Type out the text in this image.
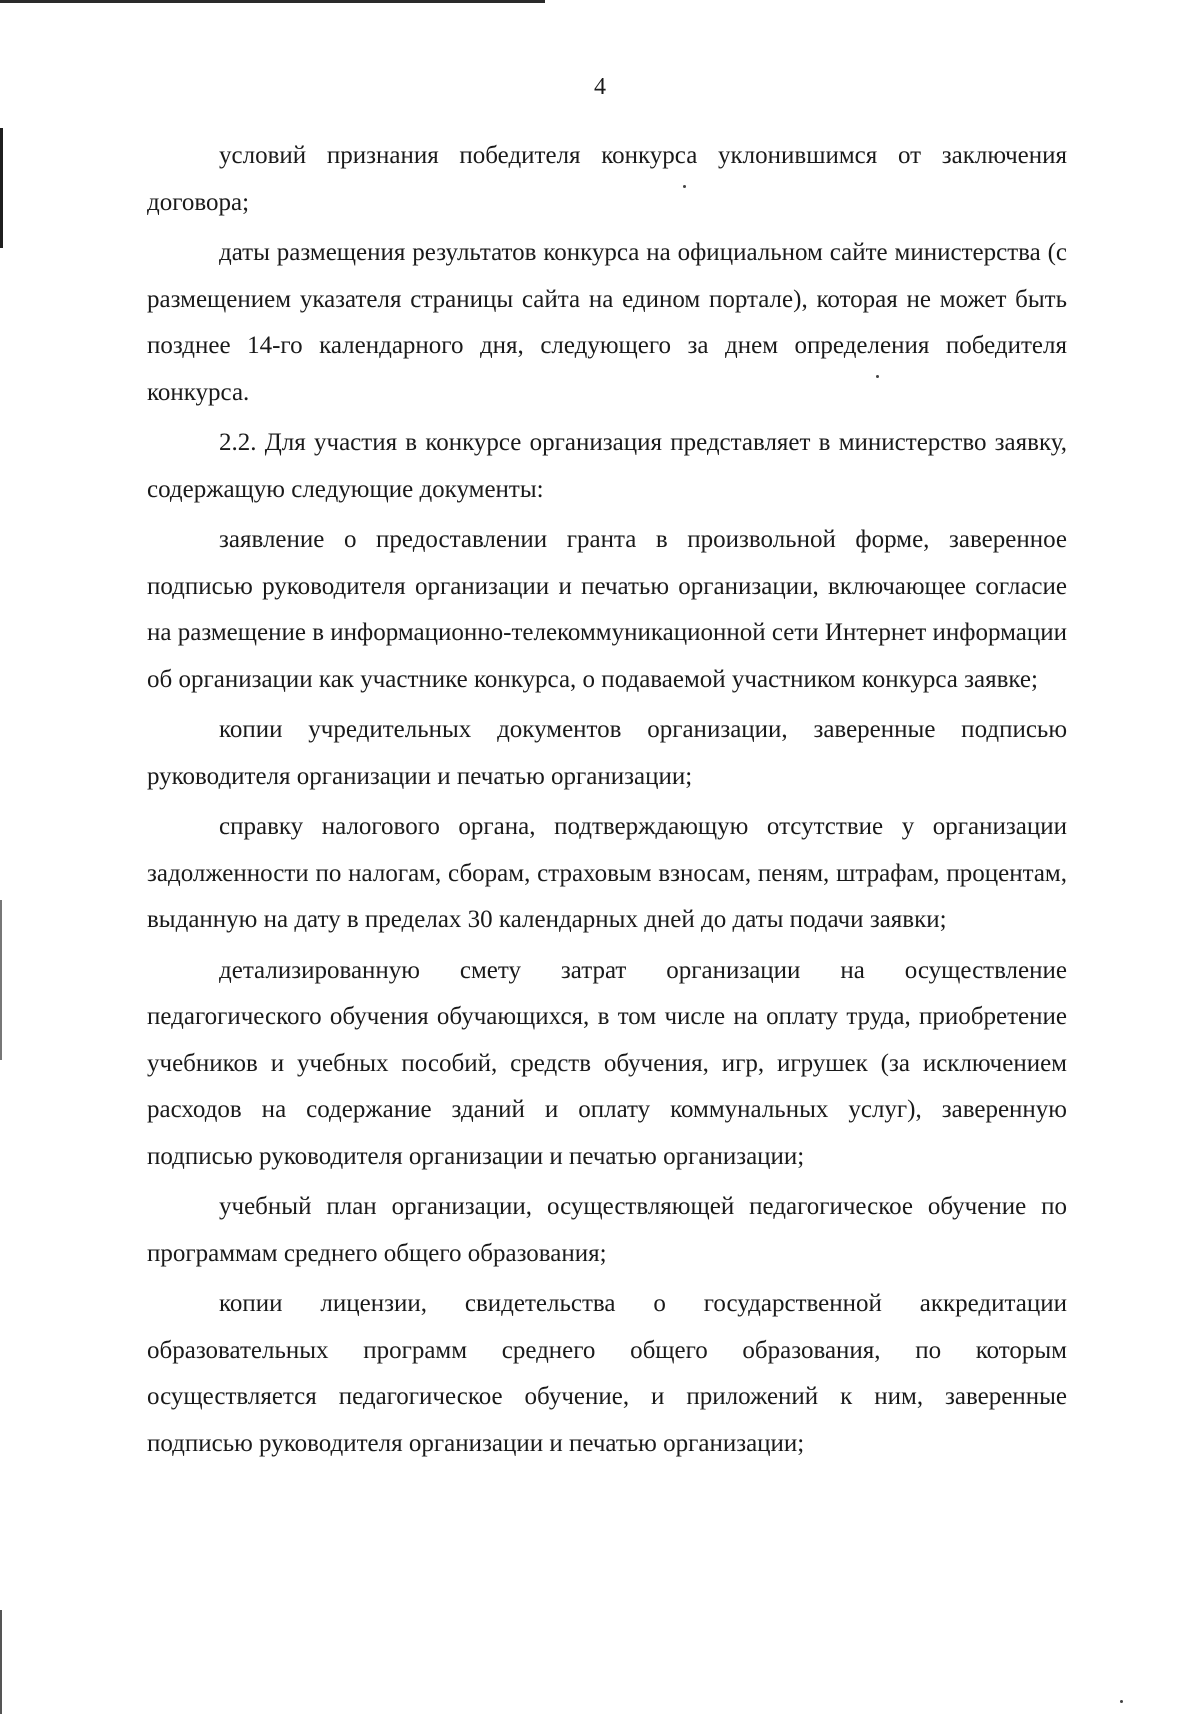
4

условий признания победителя конкурса уклонившимся от заключения договора;

даты размещения результатов конкурса на официальном сайте министерства (с размещением указателя страницы сайта на едином портале), которая не может быть позднее 14-го календарного дня, следующего за днем определения победителя конкурса.

2.2. Для участия в конкурсе организация представляет в министерство заявку, содержащую следующие документы:

заявление о предоставлении гранта в произвольной форме, заверенное подписью руководителя организации и печатью организации, включающее согласие на размещение в информационно-телекоммуникационной сети Интернет информации об организации как участнике конкурса, о подаваемой участником конкурса заявке;

копии учредительных документов организации, заверенные подписью руководителя организации и печатью организации;

справку налогового органа, подтверждающую отсутствие у организации задолженности по налогам, сборам, страховым взносам, пеням, штрафам, процентам, выданную на дату в пределах 30 календарных дней до даты подачи заявки;

детализированную смету затрат организации на осуществление педагогического обучения обучающихся, в том числе на оплату труда, приобретение учебников и учебных пособий, средств обучения, игр, игрушек (за исключением расходов на содержание зданий и оплату коммунальных услуг), заверенную подписью руководителя организации и печатью организации;

учебный план организации, осуществляющей педагогическое обучение по программам среднего общего образования;

копии лицензии, свидетельства о государственной аккредитации образовательных программ среднего общего образования, по которым осуществляется педагогическое обучение, и приложений к ним, заверенные подписью руководителя организации и печатью организации;
